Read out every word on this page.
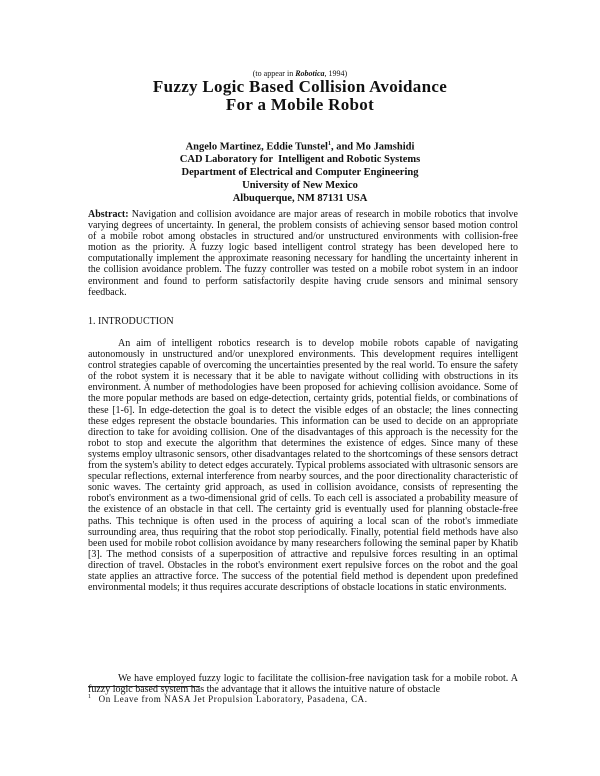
(to appear in Robotica, 1994)
Fuzzy Logic Based Collision Avoidance
For a Mobile Robot
Angelo Martinez, Eddie Tunstel$^1$, and Mo Jamshidi
CAD Laboratory for  Intelligent and Robotic Systems
Department of Electrical and Computer Engineering
University of New Mexico
Albuquerque, NM 87131 USA
Abstract: Navigation and collision avoidance are major areas of research in mobile robotics that involve varying degrees of uncertainty. In general, the problem consists of achieving sensor based motion control of a mobile robot among obstacles in structured and/or unstructured environments with collision-free motion as the priority. A fuzzy logic based intelligent control strategy has been developed here to computationally implement the approximate reasoning necessary for handling the uncertainty inherent in the collision avoidance problem. The fuzzy controller was tested on a mobile robot system in an indoor environment and found to perform satisfactorily despite having crude sensors and minimal sensory feedback.
1. INTRODUCTION
An aim of intelligent robotics research is to develop mobile robots capable of navigating autonomously in unstructured and/or unexplored environments. This development requires intelligent control strategies capable of overcoming the uncertainties presented by the real world. To ensure the safety of the robot system it is necessary that it be able to navigate without colliding with obstructions in its environment. A number of methodologies have been proposed for achieving collision avoidance. Some of the more popular methods are based on edge-detection, certainty grids, potential fields, or combinations of these [1-6]. In edge-detection the goal is to detect the visible edges of an obstacle; the lines connecting these edges represent the obstacle boundaries. This information can be used to decide on an appropriate direction to take for avoiding collision. One of the disadvantages of this approach is the necessity for the robot to stop and execute the algorithm that determines the existence of edges. Since many of these systems employ ultrasonic sensors, other disadvantages related to the shortcomings of these sensors detract from the system's ability to detect edges accurately. Typical problems associated with ultrasonic sensors are specular reflections, external interference from nearby sources, and the poor directionality characteristic of sonic waves. The certainty grid approach, as used in collision avoidance, consists of representing the robot's environment as a two-dimensional grid of cells. To each cell is associated a probability measure of the existence of an obstacle in that cell. The certainty grid is eventually used for planning obstacle-free paths. This technique is often used in the process of aquiring a local scan of the robot's immediate surrounding area, thus requiring that the robot stop periodically. Finally, potential field methods have also been used for mobile robot collision avoidance by many researchers following the seminal paper by Khatib [3]. The method consists of a superposition of attractive and repulsive forces resulting in an optimal direction of travel. Obstacles in the robot's environment exert repulsive forces on the robot and the goal state applies an attractive force. The success of the potential field method is dependent upon predefined environmental models; it thus requires accurate descriptions of obstacle locations in static environments.
We have employed fuzzy logic to facilitate the collision-free navigation task for a mobile robot. A fuzzy logic based system has the advantage that it allows the intuitive nature of obstacle
$^1$ On Leave from NASA Jet Propulsion Laboratory, Pasadena, CA.
